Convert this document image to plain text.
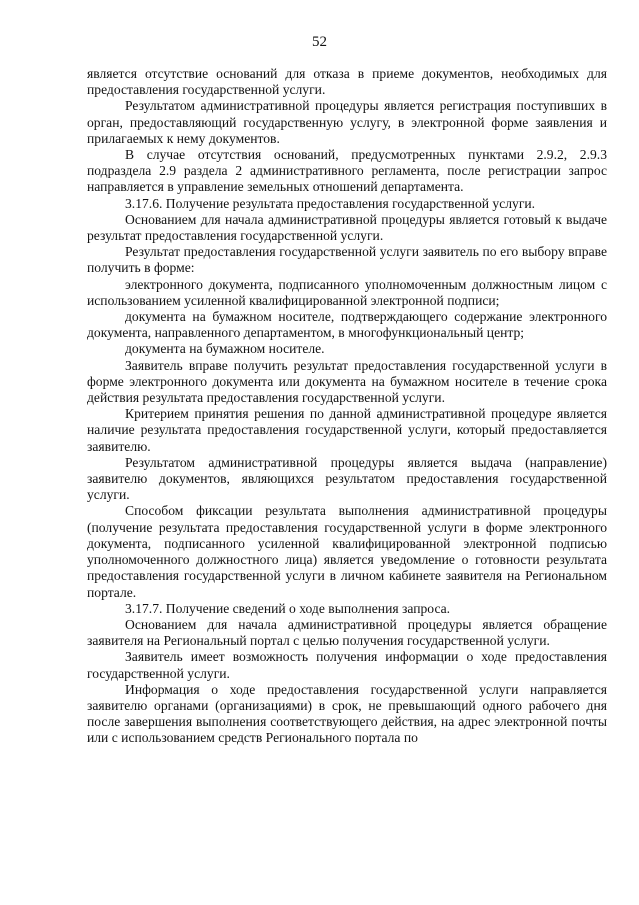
52

является отсутствие оснований для отказа в приеме документов, необходимых для предоставления государственной услуги.

Результатом административной процедуры является регистрация поступивших в орган, предоставляющий государственную услугу, в электронной форме заявления и прилагаемых к нему документов.

В случае отсутствия оснований, предусмотренных пунктами 2.9.2, 2.9.3 подраздела 2.9 раздела 2 административного регламента, после регистрации запрос направляется в управление земельных отношений департамента.

3.17.6. Получение результата предоставления государственной услуги.

Основанием для начала административной процедуры является готовый к выдаче результат предоставления государственной услуги.

Результат предоставления государственной услуги заявитель по его выбору вправе получить в форме:

электронного документа, подписанного уполномоченным должностным лицом с использованием усиленной квалифицированной электронной подписи;

документа на бумажном носителе, подтверждающего содержание электронного документа, направленного департаментом, в многофункциональный центр;

документа на бумажном носителе.

Заявитель вправе получить результат предоставления государственной услуги в форме электронного документа или документа на бумажном носителе в течение срока действия результата предоставления государственной услуги.

Критерием принятия решения по данной административной процедуре является наличие результата предоставления государственной услуги, который предоставляется заявителю.

Результатом административной процедуры является выдача (направление) заявителю документов, являющихся результатом предоставления государственной услуги.

Способом фиксации результата выполнения административной процедуры (получение результата предоставления государственной услуги в форме электронного документа, подписанного усиленной квалифицированной электронной подписью уполномоченного должностного лица) является уведомление о готовности результата предоставления государственной услуги в личном кабинете заявителя на Региональном портале.

3.17.7. Получение сведений о ходе выполнения запроса.

Основанием для начала административной процедуры является обращение заявителя на Региональный портал с целью получения государственной услуги.

Заявитель имеет возможность получения информации о ходе предоставления государственной услуги.

Информация о ходе предоставления государственной услуги направляется заявителю органами (организациями) в срок, не превышающий одного рабочего дня после завершения выполнения соответствующего действия, на адрес электронной почты или с использованием средств Регионального портала по
